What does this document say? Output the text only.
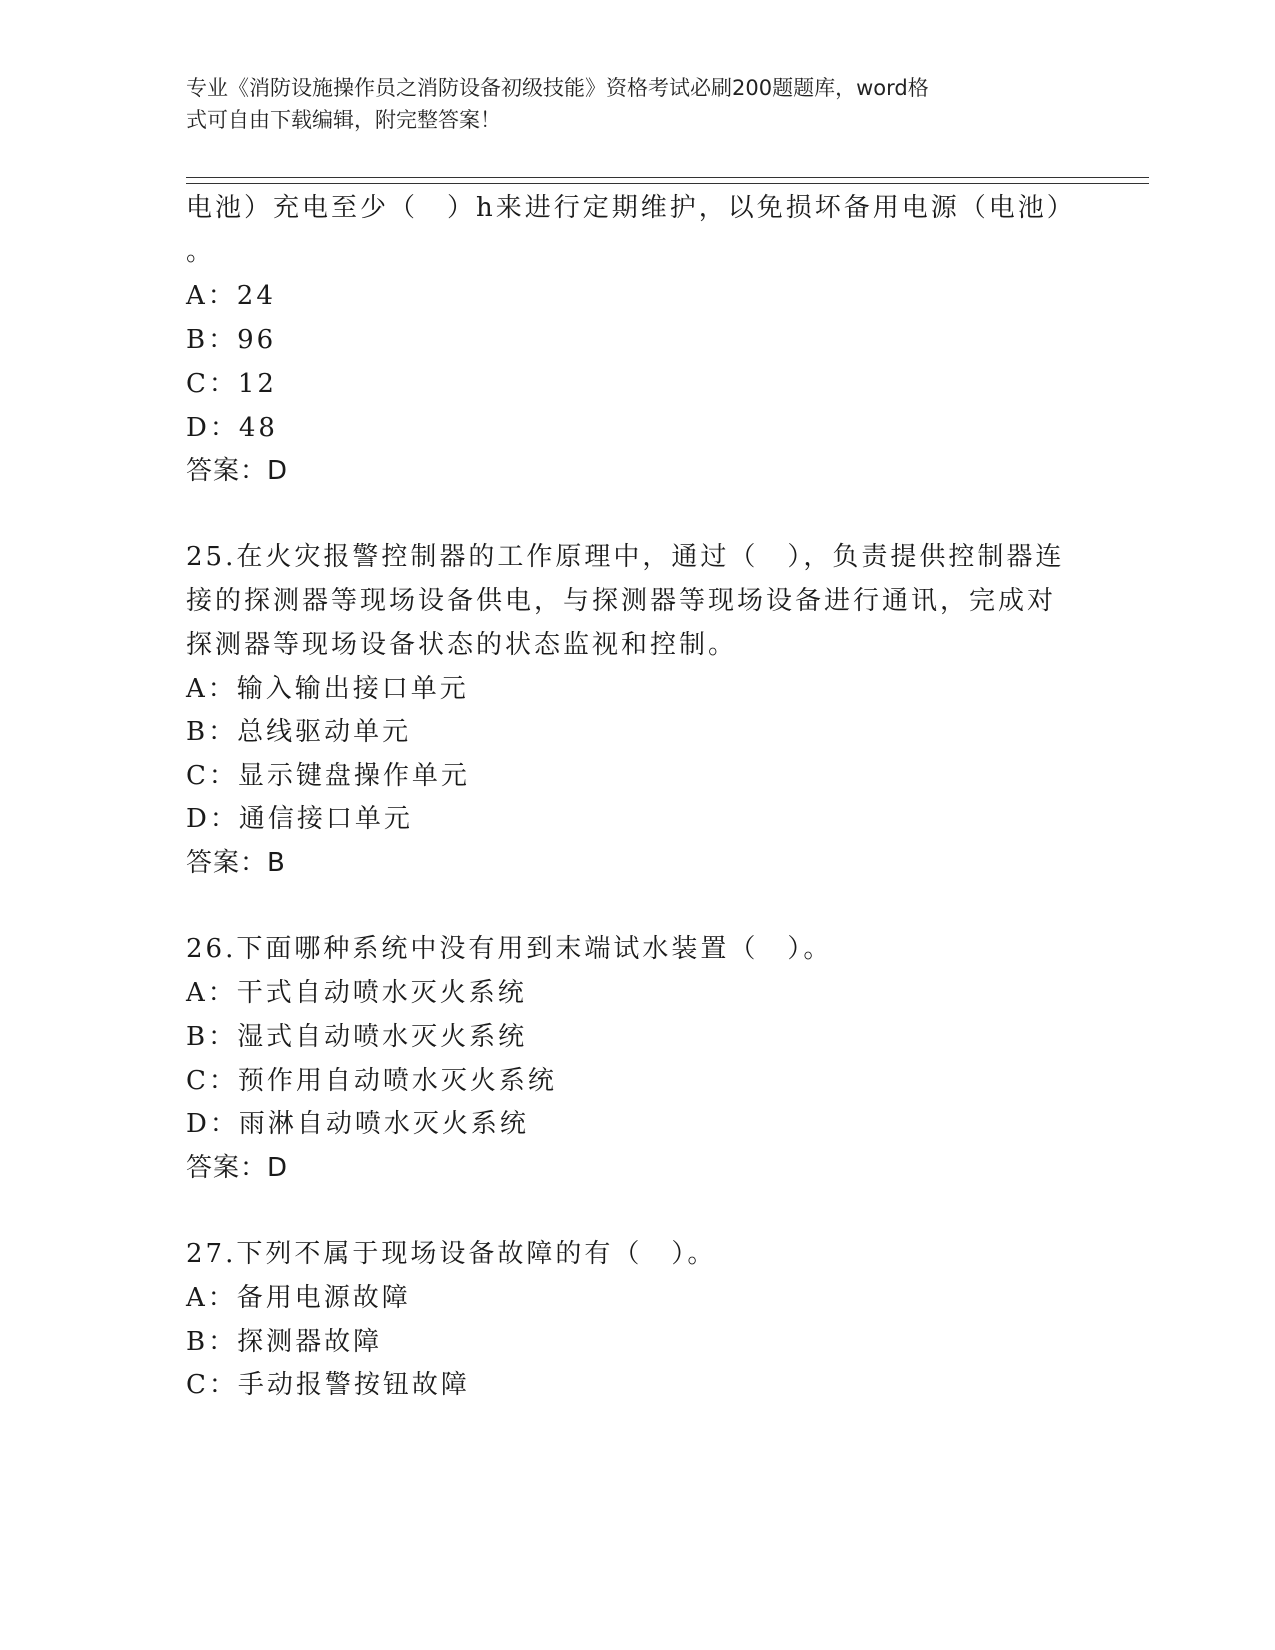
专业《消防设施操作员之消防设备初级技能》资格考试必刷200题题库，word格
式可自由下载编辑，附完整答案！
电池）充电至少（　）h来进行定期维护，以免损坏备用电源（电池）
。
A：24
B：96
C：12
D：48
答案：D
25.在火灾报警控制器的工作原理中，通过（　），负责提供控制器连
接的探测器等现场设备供电，与探测器等现场设备进行通讯，完成对
探测器等现场设备状态的状态监视和控制。
A：输入输出接口单元
B：总线驱动单元
C：显示键盘操作单元
D：通信接口单元
答案：B
26.下面哪种系统中没有用到末端试水装置（　）。
A：干式自动喷水灭火系统
B：湿式自动喷水灭火系统
C：预作用自动喷水灭火系统
D：雨淋自动喷水灭火系统
答案：D
27.下列不属于现场设备故障的有（　）。
A：备用电源故障
B：探测器故障
C：手动报警按钮故障
